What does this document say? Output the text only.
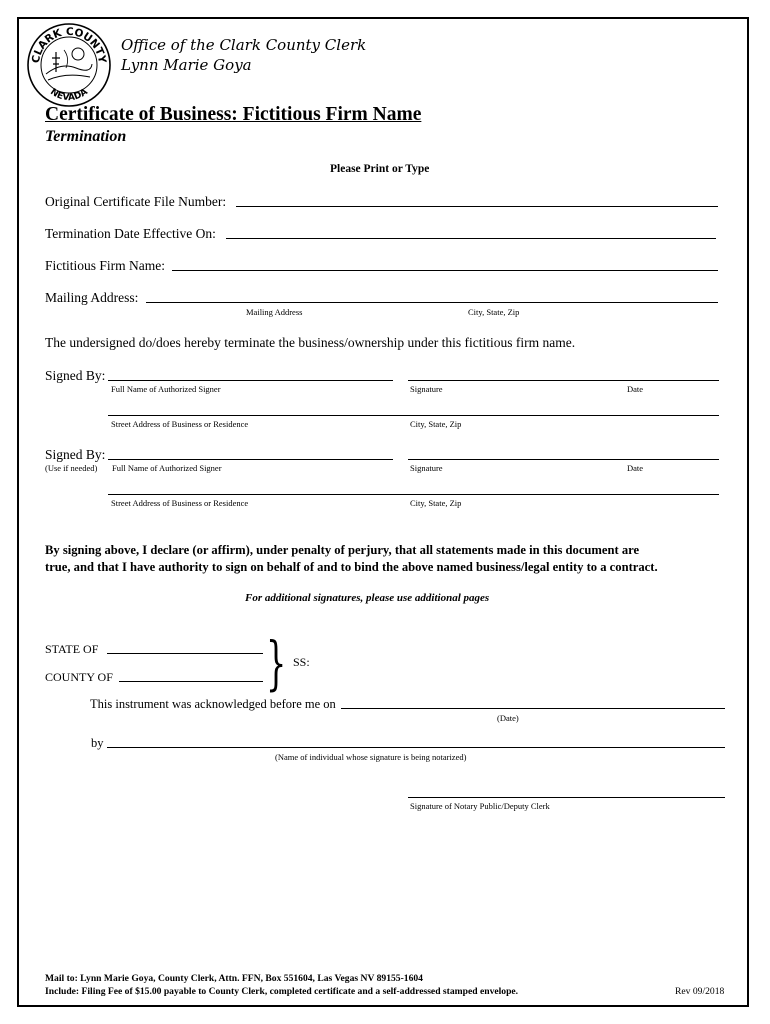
CLARK COUNTY
NEVADA
Office of the Clark County Clerk
Lynn Marie Goya
Certificate of Business: Fictitious Firm Name
Termination
Please Print or Type
Original Certificate File Number:
Termination Date Effective On:
Fictitious Firm Name:
Mailing Address:
Mailing Address	City, State, Zip
The undersigned do/does hereby terminate the business/ownership under this fictitious firm name.
Signed By:
Full Name of Authorized Signer	Signature	Date
Street Address of Business or Residence	City, State, Zip
Signed By:
(Use if needed) Full Name of Authorized Signer	Signature	Date
Street Address of Business or Residence	City, State, Zip
By signing above, I declare (or affirm), under penalty of perjury, that all statements made in this document are
true, and that I have authority to sign on behalf of and to bind the above named business/legal entity to a contract.
For additional signatures, please use additional pages
STATE OF
COUNTY OF	} SS:
This instrument was acknowledged before me on
(Date)
by
(Name of individual whose signature is being notarized)
Signature of Notary Public/Deputy Clerk
Mail to: Lynn Marie Goya, County Clerk, Attn. FFN, Box 551604, Las Vegas NV 89155-1604
Include: Filing Fee of $15.00 payable to County Clerk, completed certificate and a self-addressed stamped envelope.	Rev 09/2018
